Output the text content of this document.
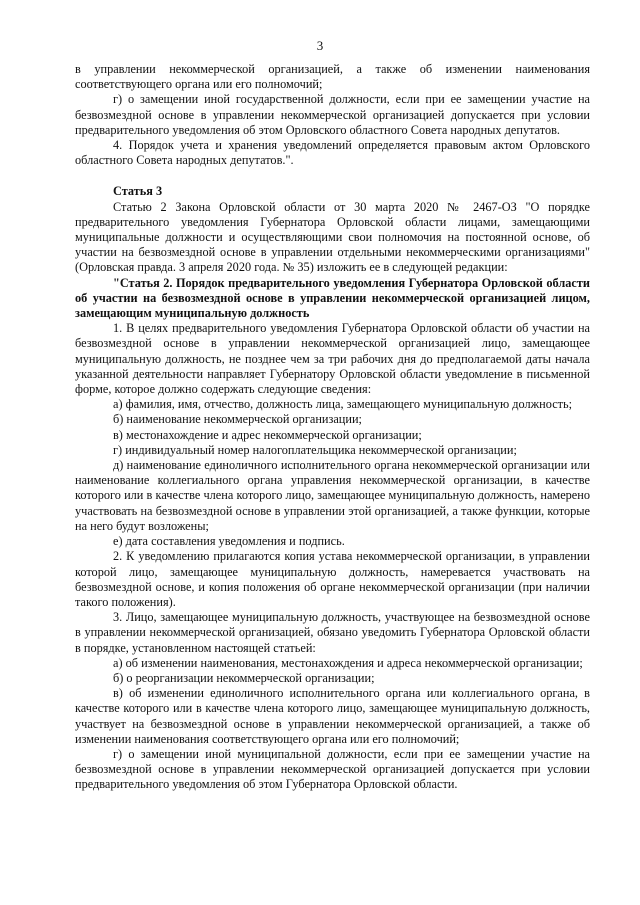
3

в управлении некоммерческой организацией, а также об изменении наименования соответствующего органа или его полномочий;

г) о замещении иной государственной должности, если при ее замещении участие на безвозмездной основе в управлении некоммерческой организацией допускается при условии предварительного уведомления об этом Орловского областного Совета народных депутатов.

4. Порядок учета и хранения уведомлений определяется правовым актом Орловского областного Совета народных депутатов.".

Статья 3

Статью 2 Закона Орловской области от 30 марта 2020 № 2467-ОЗ "О порядке предварительного уведомления Губернатора Орловской области лицами, замещающими муниципальные должности и осуществляющими свои полномочия на постоянной основе, об участии на безвозмездной основе в управлении отдельными некоммерческими организациями" (Орловская правда. 3 апреля 2020 года. № 35) изложить ее в следующей редакции:

"Статья 2. Порядок предварительного уведомления Губернатора Орловской области об участии на безвозмездной основе в управлении некоммерческой организацией лицом, замещающим муниципальную должность

1. В целях предварительного уведомления Губернатора Орловской области об участии на безвозмездной основе в управлении некоммерческой организацией лицо, замещающее муниципальную должность, не позднее чем за три рабочих дня до предполагаемой даты начала указанной деятельности направляет Губернатору Орловской области уведомление в письменной форме, которое должно содержать следующие сведения:

а) фамилия, имя, отчество, должность лица, замещающего муниципальную должность;

б) наименование некоммерческой организации;

в) местонахождение и адрес некоммерческой организации;

г) индивидуальный номер налогоплательщика некоммерческой организации;

д) наименование единоличного исполнительного органа некоммерческой организации или наименование коллегиального органа управления некоммерческой организации, в качестве которого или в качестве члена которого лицо, замещающее муниципальную должность, намерено участвовать на безвозмездной основе в управлении этой организацией, а также функции, которые на него будут возложены;

е) дата составления уведомления и подпись.

2. К уведомлению прилагаются копия устава некоммерческой организации, в управлении которой лицо, замещающее муниципальную должность, намеревается участвовать на безвозмездной основе, и копия положения об органе некоммерческой организации (при наличии такого положения).

3. Лицо, замещающее муниципальную должность, участвующее на безвозмездной основе в управлении некоммерческой организацией, обязано уведомить Губернатора Орловской области в порядке, установленном настоящей статьей:

а) об изменении наименования, местонахождения и адреса некоммерческой организации;

б) о реорганизации некоммерческой организации;

в) об изменении единоличного исполнительного органа или коллегиального органа, в качестве которого или в качестве члена которого лицо, замещающее муниципальную должность, участвует на безвозмездной основе в управлении некоммерческой организацией, а также об изменении наименования соответствующего органа или его полномочий;

г) о замещении иной муниципальной должности, если при ее замещении участие на безвозмездной основе в управлении некоммерческой организацией допускается при условии предварительного уведомления об этом Губернатора Орловской области.
